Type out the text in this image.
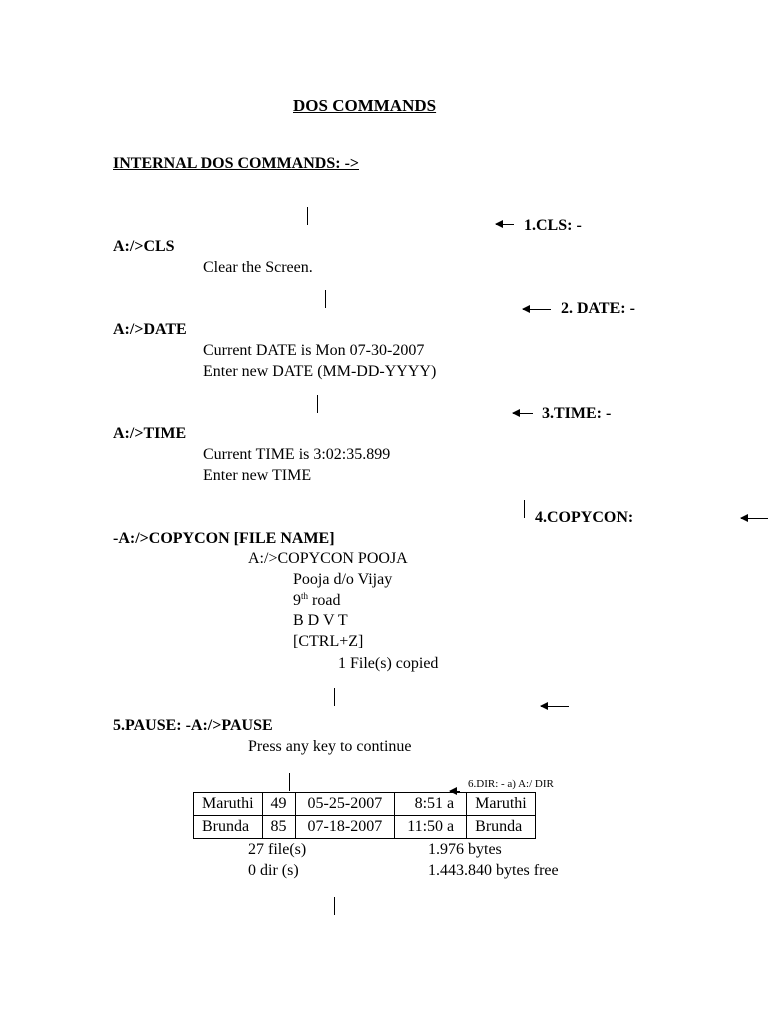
DOS COMMANDS
INTERNAL DOS COMMANDS: ->
1.CLS: -
A:/>CLS
Clear the Screen.
2. DATE: -
A:/>DATE
Current DATE is Mon 07-30-2007
Enter new DATE (MM-DD-YYYY)
3.TIME: -
A:/>TIME
Current TIME is 3:02:35.899
Enter new TIME
4.COPYCON:
-A:/>COPYCON [FILE NAME]
A:/>COPYCON POOJA
Pooja d/o Vijay
9th road
B D V T
[CTRL+Z]
1 File(s) copied
5.PAUSE: -A:/>PAUSE
Press any key to continue
6.DIR: - a) A:/ DIR
Maruthi	49	05-25-2007	8:51 a	Maruthi
Brunda	85	07-18-2007	11:50 a	Brunda
27 file(s)	1.976 bytes
0 dir (s)	1.443.840 bytes free
